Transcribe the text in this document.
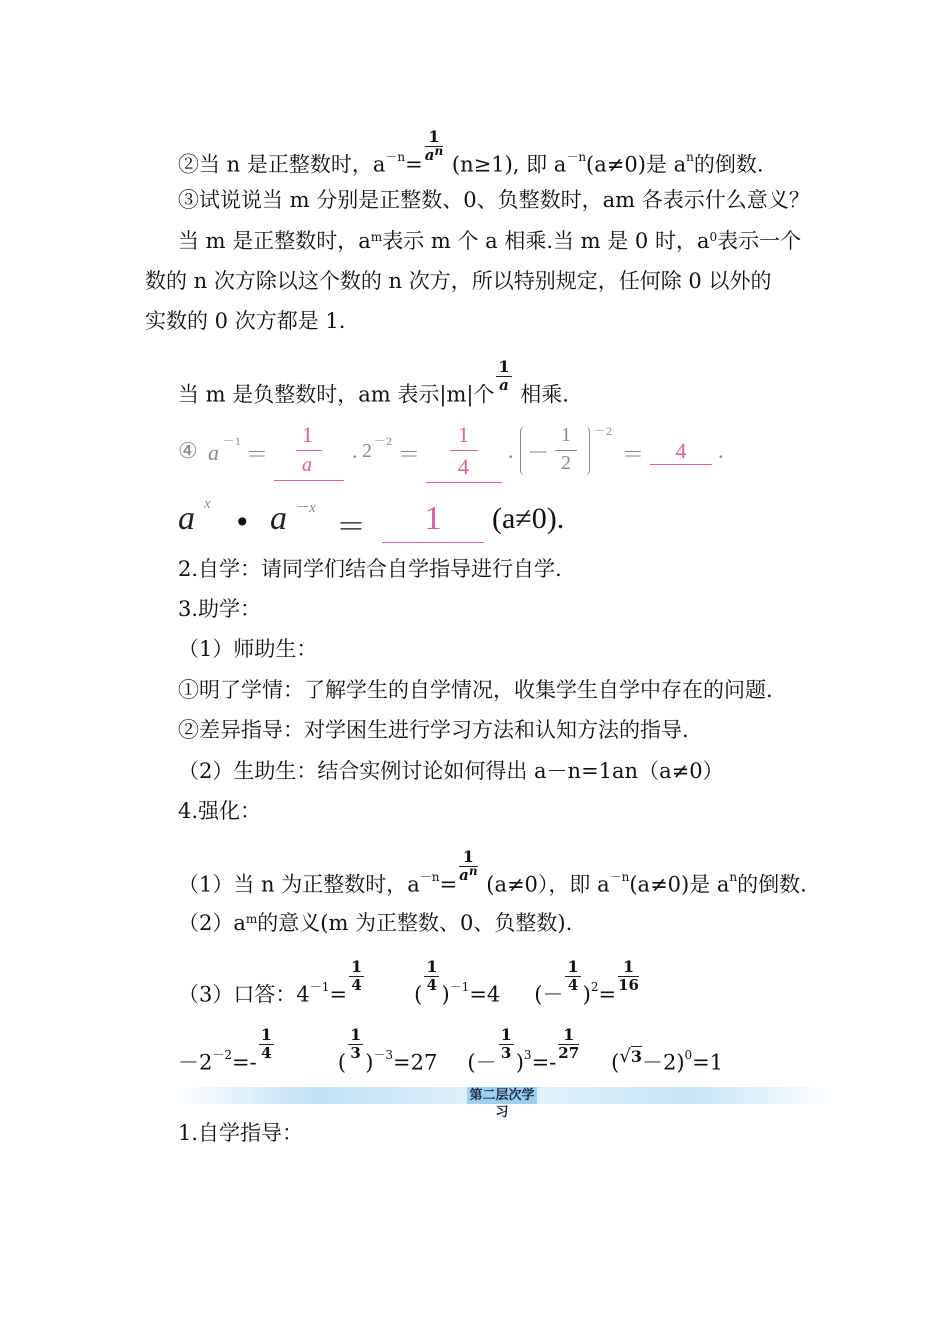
②当 n 是正整数时，$a^{-n}=$
$\frac{1}{a^n}$
(n≥1), 即 $a^{-n}(a\ne 0)$是 $a^n$的倒数.
③试说说当 m 分别是正整数、0、负整数时，am 各表示什么意义？
当 m 是正整数时，$a^m$表示 m 个 a 相乘.当 m 是 0 时，$a^0$表示一个
数的 n 次方除以这个数的 n 次方，所以特别规定，任何除 0 以外的
实数的 0 次方都是 1.
当 m 是负整数时，am 表示|m|个
$\frac{1}{a}$
相乘.
④ a －1
＝
1
a
. 2 －2
＝
1
4
. －
1
2
－2
＝	4	.
a x
• a －x
＝	1	(a≠0).
2.自学：请同学们结合自学指导进行自学.
3.助学：
（1）师助生：
①明了学情：了解学生的自学情况，收集学生自学中存在的问题.
②差异指导：对学困生进行学习方法和认知方法的指导.
（2）生助生：结合实例讨论如何得出 a－n=1an（a≠0）
4.强化：
（1）当 n 为正整数时，$a^{-n}=$
$\frac{1}{a^n}$
(a≠0），即 $a^{-n}(a\ne 0)$是 $a^n$的倒数.
$(2)a^m$的意义(m 为正整数、0、负整数).
（3）口答：$4^{-1}=$
$\frac{1}{4}$
(
$\frac{1}{4}$
)$^{-1}$=4 (－
$\frac{1}{4}$
)$^2$=
$\frac{1}{16}$
$-2^{-2}=-$
$\frac{1}{4}$
(
$\frac{1}{3}$
)$^{-3}$=27 (－
$\frac{1}{3}$
)$^3$=-
$\frac{1}{27}$
$(√3-2)^0=1$
第二层次学习
1.自学指导：
